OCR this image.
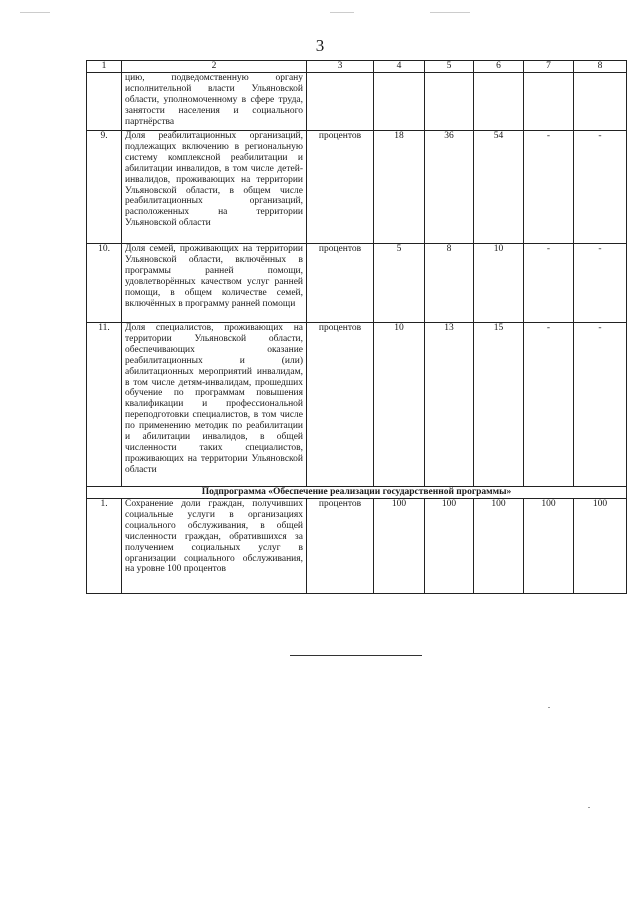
3
1	2	3	4	5	6	7	8
	цию, подведомственную органу исполнительной власти Ульяновской области, уполномоченному в сфере труда, занятости населения и социального партнёрства						
9.	Доля реабилитационных организаций, подлежащих включению в региональную систему комплексной реабилитации и абилитации инвалидов, в том числе детей-инвалидов, проживающих на территории Ульяновской области, в общем числе реабилитационных организаций, расположенных на территории Ульяновской области	процентов	18	36	54	-	-
10.	Доля семей, проживающих на территории Ульяновской области, включённых в программы ранней помощи, удовлетворённых качеством услуг ранней помощи, в общем количестве семей, включённых в программу ранней помощи	процентов	5	8	10	-	-
11.	Доля специалистов, проживающих на территории Ульяновской области, обеспечивающих оказание реабилитационных и (или) абилитационных мероприятий инвалидам, в том числе детям-инвалидам, прошедших обучение по программам повышения квалификации и профессиональной переподготовки специалистов, в том числе по применению методик по реабилитации и абилитации инвалидов, в общей численности таких специалистов, проживающих на территории Ульяновской области	процентов	10	13	15	-	-
Подпрограмма «Обеспечение реализации государственной программы»							
1.	Сохранение доли граждан, получивших социальные услуги в организациях социального обслуживания, в общей численности граждан, обратившихся за получением социальных услуг в организации социального обслуживания, на уровне 100 процентов	процентов	100	100	100	100	100
